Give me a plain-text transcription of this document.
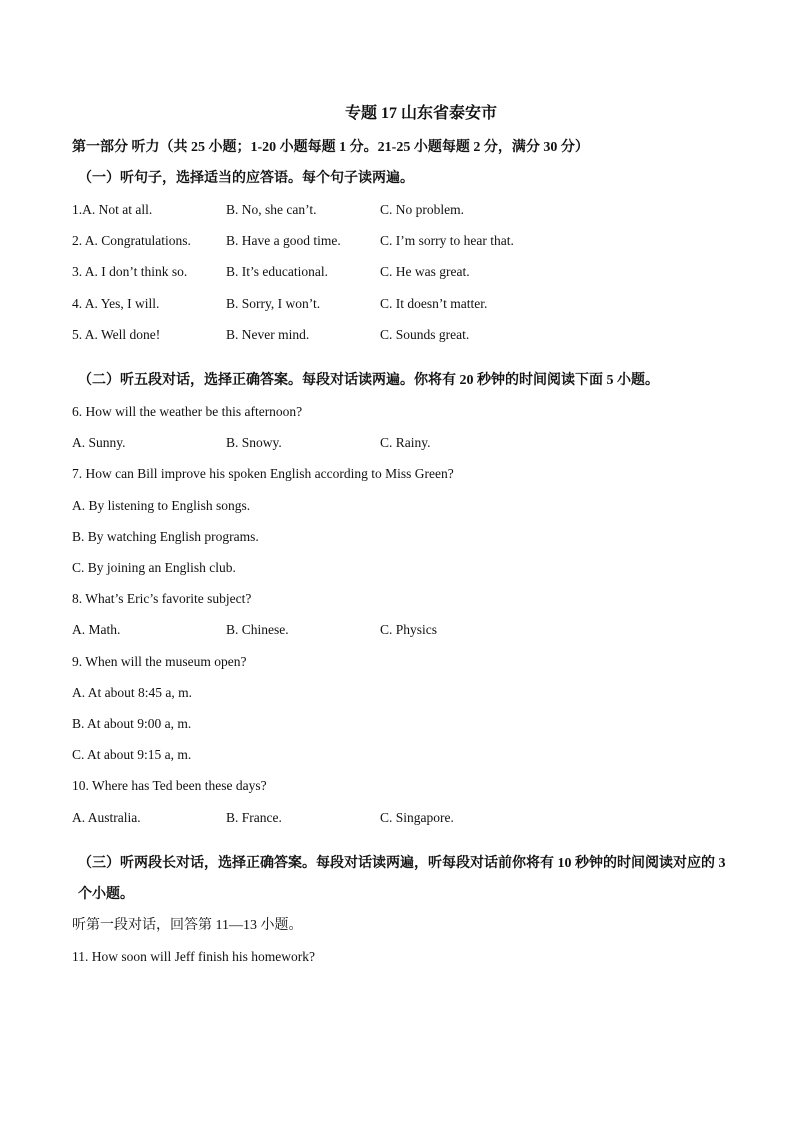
专题 17 山东省泰安市
第一部分 听力（共 25 小题；1-20 小题每题 1 分。21-25 小题每题 2 分，满分 30 分）
（一）听句子，选择适当的应答语。每个句子读两遍。
1.A. Not at all.	B. No, she can’t.	C. No problem.
2. A. Congratulations.	B. Have a good time.	C. I’m sorry to hear that.
3. A. I don’t think so.	B. It’s educational.	C. He was great.
4. A. Yes, I will.	B. Sorry, I won’t.	C. It doesn’t matter.
5. A. Well done!	B. Never mind.	C. Sounds great.
（二）听五段对话，选择正确答案。每段对话读两遍。你将有 20 秒钟的时间阅读下面 5 小题。
6. How will the weather be this afternoon?
A. Sunny.	B. Snowy.	C. Rainy.
7. How can Bill improve his spoken English according to Miss Green?
A. By listening to English songs.
B. By watching English programs.
C. By joining an English club.
8. What’s Eric’s favorite subject?
A. Math.	B. Chinese.	C. Physics
9. When will the museum open?
A. At about 8:45 a, m.
B. At about 9:00 a, m.
C. At about 9:15 a, m.
10. Where has Ted been these days?
A. Australia.	B. France.	C. Singapore.
（三）听两段长对话，选择正确答案。每段对话读两遍，听每段对话前你将有 10 秒钟的时间阅读对应的 3 个小题。
听第一段对话，回答第 11—13 小题。
11. How soon will Jeff finish his homework?
